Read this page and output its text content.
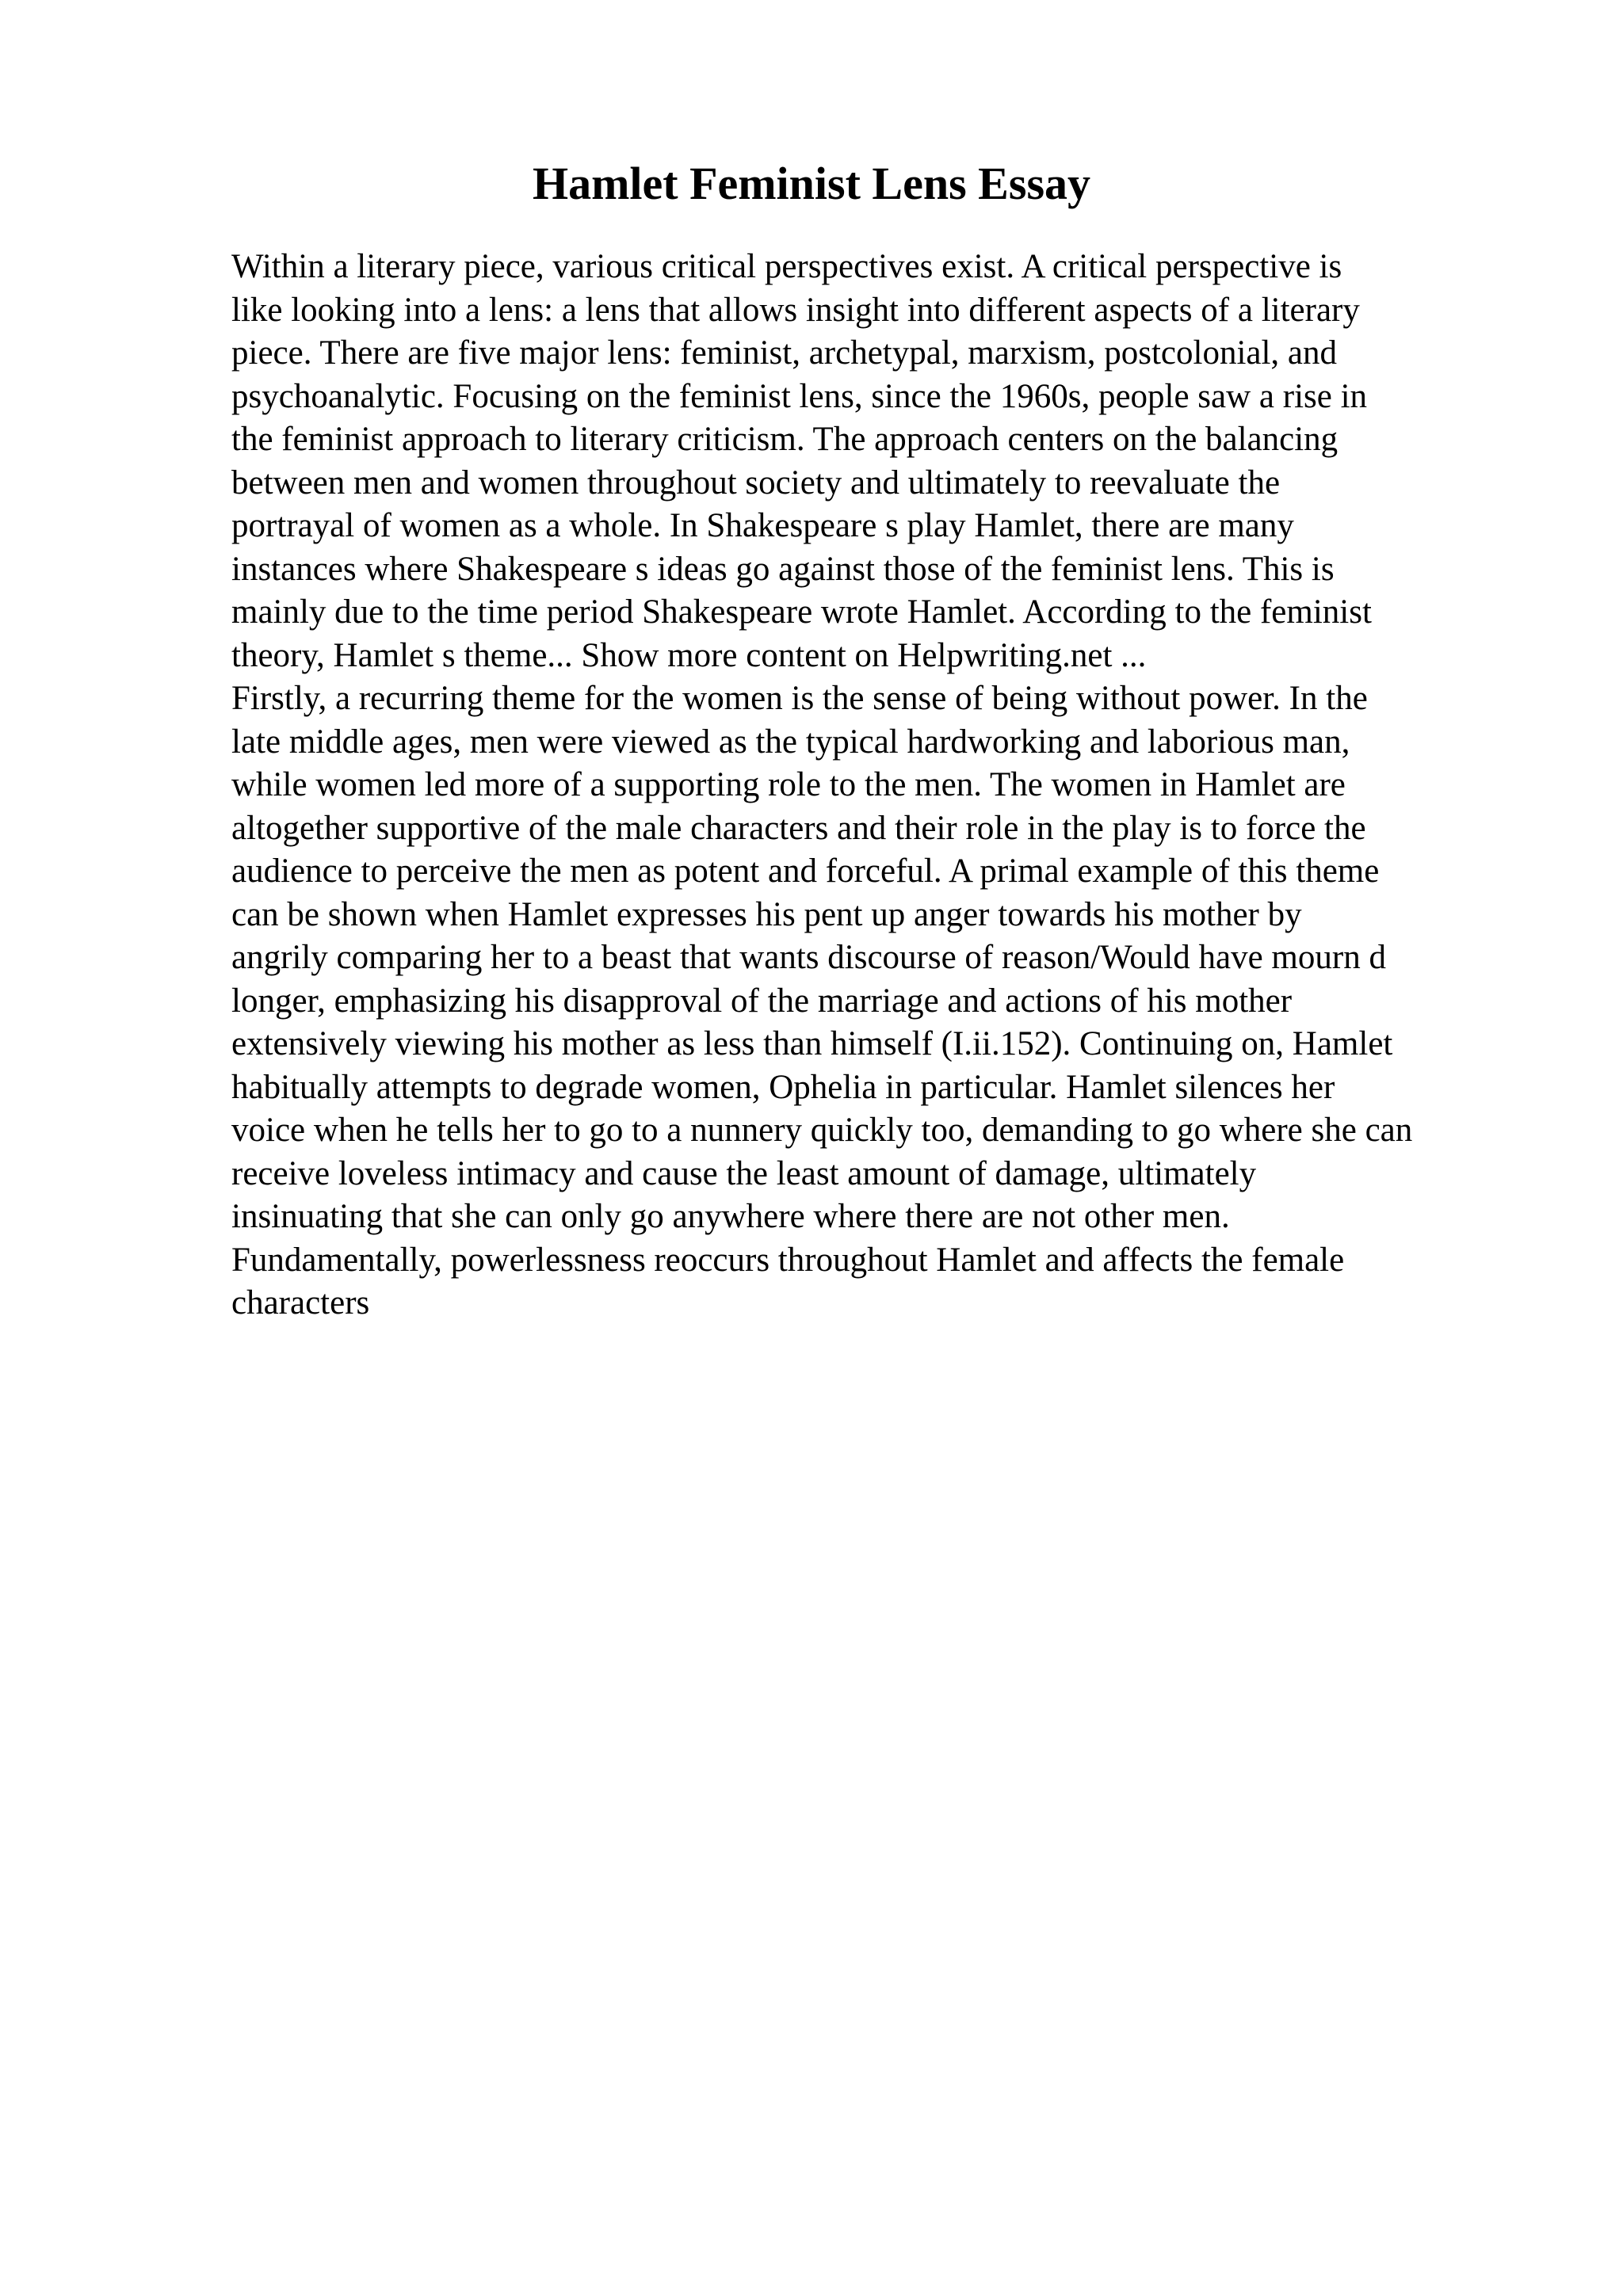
Hamlet Feminist Lens Essay
Within a literary piece, various critical perspectives exist. A critical perspective is
like looking into a lens: a lens that allows insight into different aspects of a literary
piece. There are five major lens: feminist, archetypal, marxism, postcolonial, and
psychoanalytic. Focusing on the feminist lens, since the 1960s, people saw a rise in
the feminist approach to literary criticism. The approach centers on the balancing
between men and women throughout society and ultimately to reevaluate the
portrayal of women as a whole. In Shakespeare s play Hamlet, there are many
instances where Shakespeare s ideas go against those of the feminist lens. This is
mainly due to the time period Shakespeare wrote Hamlet. According to the feminist
theory, Hamlet s theme... Show more content on Helpwriting.net ...
Firstly, a recurring theme for the women is the sense of being without power. In the
late middle ages, men were viewed as the typical hardworking and laborious man,
while women led more of a supporting role to the men. The women in Hamlet are
altogether supportive of the male characters and their role in the play is to force the
audience to perceive the men as potent and forceful. A primal example of this theme
can be shown when Hamlet expresses his pent up anger towards his mother by
angrily comparing her to a beast that wants discourse of reason/Would have mourn d
longer, emphasizing his disapproval of the marriage and actions of his mother
extensively viewing his mother as less than himself (I.ii.152). Continuing on, Hamlet
habitually attempts to degrade women, Ophelia in particular. Hamlet silences her
voice when he tells her to go to a nunnery quickly too, demanding to go where she can
receive loveless intimacy and cause the least amount of damage, ultimately
insinuating that she can only go anywhere where there are not other men.
Fundamentally, powerlessness reoccurs throughout Hamlet and affects the female
characters
